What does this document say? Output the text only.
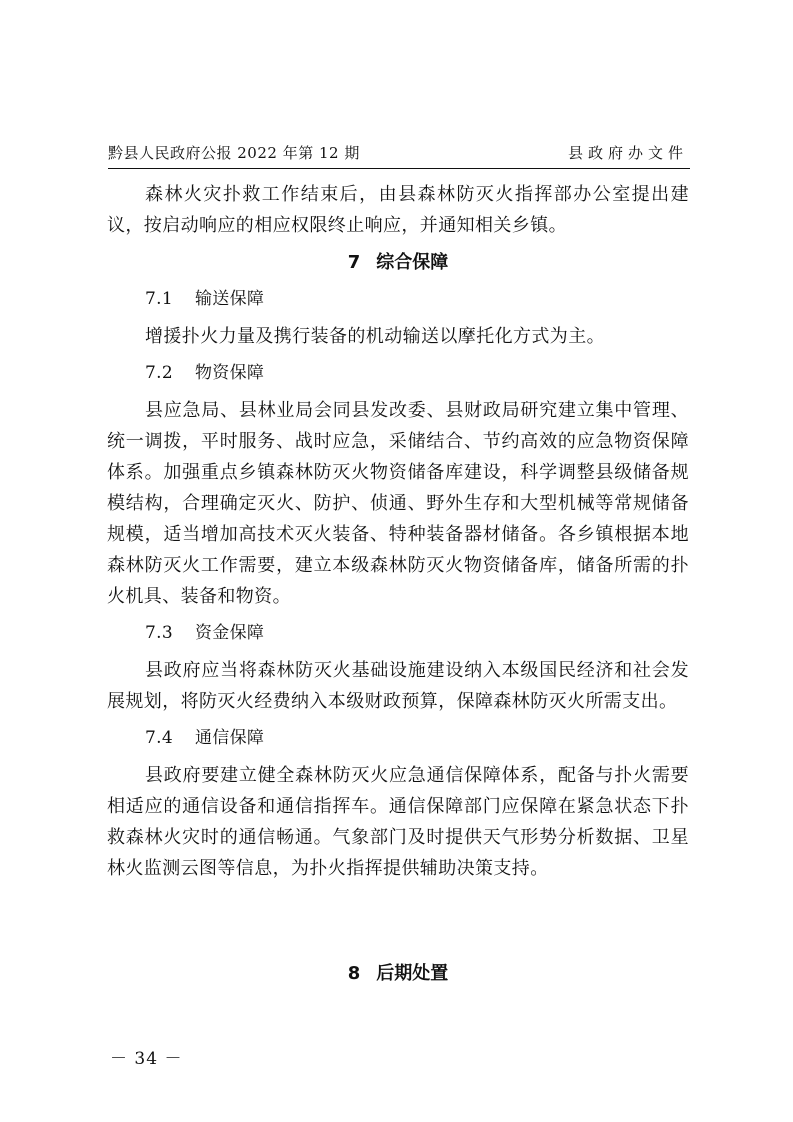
黔县人民政府公报 2022 年第 12 期	县政府办文件

森林火灾扑救工作结束后，由县森林防灭火指挥部办公室提出建议，按启动响应的相应权限终止响应，并通知相关乡镇。

7 综合保障

7.1 输送保障

增援扑火力量及携行装备的机动输送以摩托化方式为主。

7.2 物资保障

县应急局、县林业局会同县发改委、县财政局研究建立集中管理、统一调拨，平时服务、战时应急，采储结合、节约高效的应急物资保障体系。加强重点乡镇森林防灭火物资储备库建设，科学调整县级储备规模结构，合理确定灭火、防护、侦通、野外生存和大型机械等常规储备规模，适当增加高技术灭火装备、特种装备器材储备。各乡镇根据本地森林防灭火工作需要，建立本级森林防灭火物资储备库，储备所需的扑火机具、装备和物资。

7.3 资金保障

县政府应当将森林防灭火基础设施建设纳入本级国民经济和社会发展规划，将防灭火经费纳入本级财政预算，保障森林防灭火所需支出。

7.4 通信保障

县政府要建立健全森林防灭火应急通信保障体系，配备与扑火需要相适应的通信设备和通信指挥车。通信保障部门应保障在紧急状态下扑救森林火灾时的通信畅通。气象部门及时提供天气形势分析数据、卫星林火监测云图等信息，为扑火指挥提供辅助决策支持。

8 后期处置

－ 34 －
